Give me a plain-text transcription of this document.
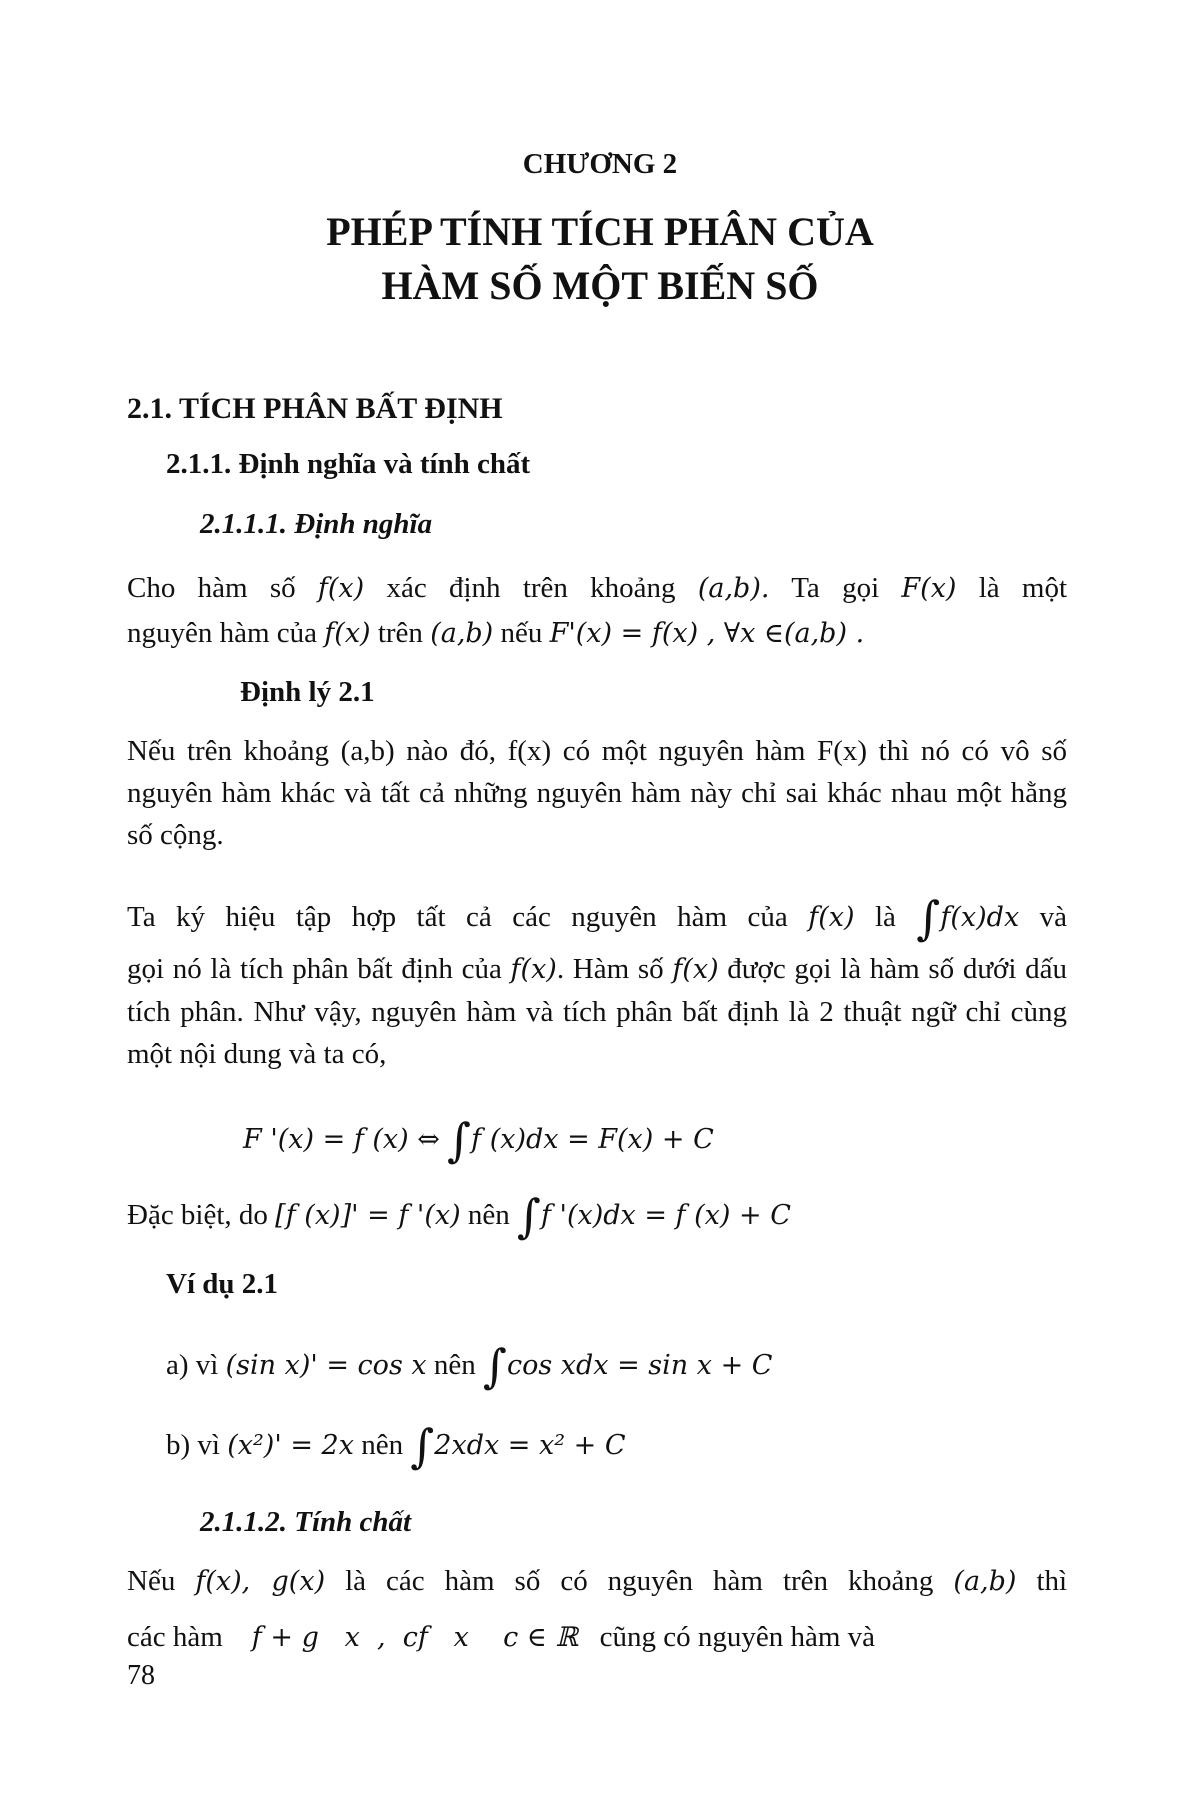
CHƯƠNG 2
PHÉP TÍNH TÍCH PHÂN CỦA
HÀM SỐ MỘT BIẾN SỐ
2.1. TÍCH PHÂN BẤT ĐỊNH
2.1.1. Định nghĩa và tính chất
2.1.1.1. Định nghĩa
Cho hàm số f(x) xác định trên khoảng (a,b). Ta gọi F(x) là một
nguyên hàm của f(x) trên (a,b) nếu F'(x) = f(x) , ∀x ∈(a,b) .
Định lý 2.1
Nếu trên khoảng (a,b) nào đó, f(x) có một nguyên hàm F(x) thì nó có vô số nguyên hàm khác và tất cả những nguyên hàm này chỉ sai khác nhau một hằng số cộng.
Ta ký hiệu tập hợp tất cả các nguyên hàm của f(x) là ∫f(x)dx và
gọi nó là tích phân bất định của f(x). Hàm số f(x) được gọi là hàm số dưới dấu tích phân. Như vậy, nguyên hàm và tích phân bất định là 2 thuật ngữ chỉ cùng một nội dung và ta có,
F '(x) = f (x) ⇔ ∫f (x)dx = F(x) + C
Đặc biệt, do [f (x)]' = f '(x) nên ∫f '(x)dx = f (x) + C
Ví dụ 2.1
a) vì (sin x)' = cos x nên ∫cos xdx = sin x + C
b) vì (x²)' = 2x nên ∫2xdx = x² + C
2.1.1.2. Tính chất
Nếu f(x), g(x) là các hàm số có nguyên hàm trên khoảng (a,b) thì
các hàm f + g   x  ,  cf   x    c ∈ ℝ cũng có nguyên hàm và
78
